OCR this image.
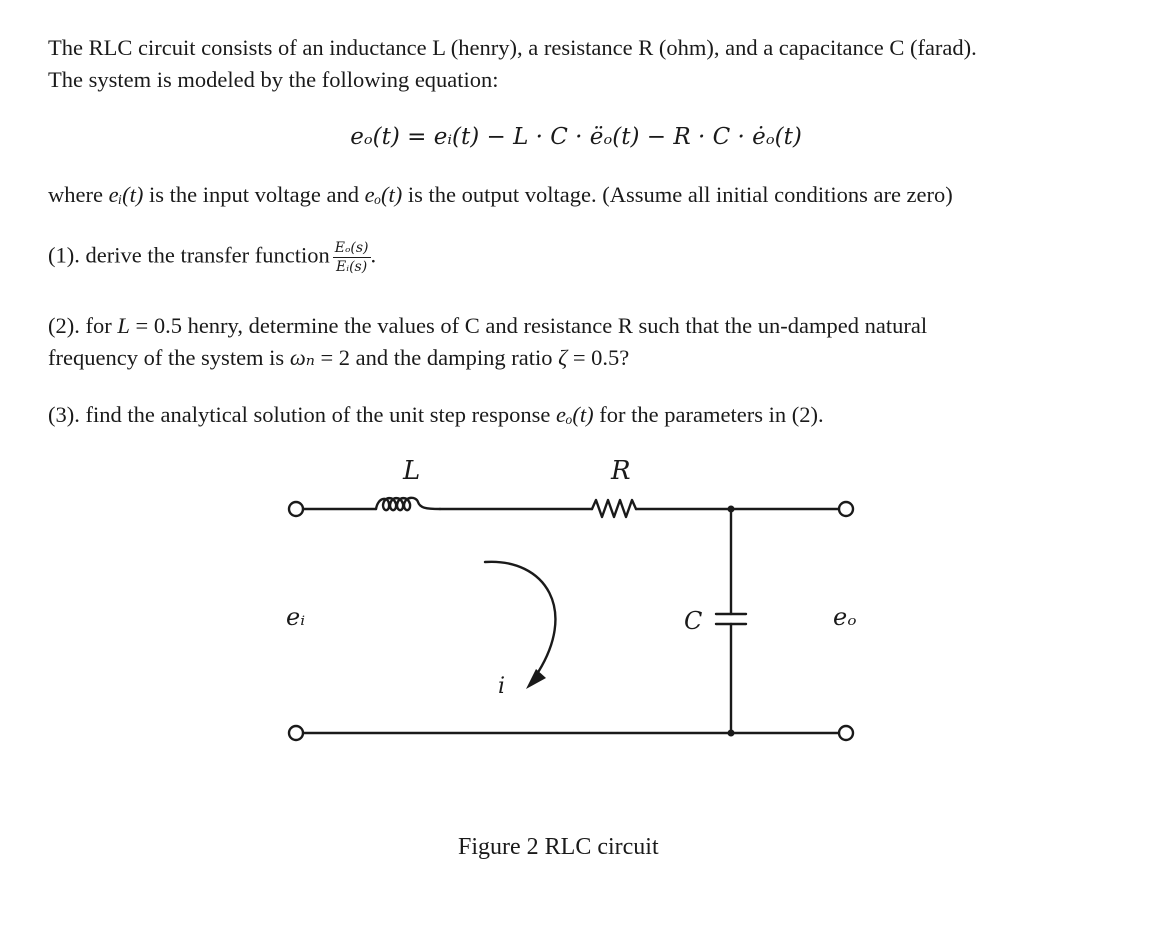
The RLC circuit consists of an inductance L (henry), a resistance R (ohm), and a capacitance C (farad).
The system is modeled by the following equation:
eₒ(t) = eᵢ(t) − L · C · ëₒ(t) − R · C · ėₒ(t)
where eᵢ(t) is the input voltage and eₒ(t) is the output voltage. (Assume all initial conditions are zero)
(1). derive the transfer function $\frac{\text{Eₒ(s)}}{\text{Eᵢ(s)}}$ .
(2). for L = 0.5 henry, determine the values of C and resistance R such that the un-damped natural
frequency of the system is ωₙ = 2 and the damping ratio ζ = 0.5?
(3). find the analytical solution of the unit step response eₒ(t) for the parameters in (2).
L	R
C
eᵢ	eₒ
i
Figure 2 RLC circuit
